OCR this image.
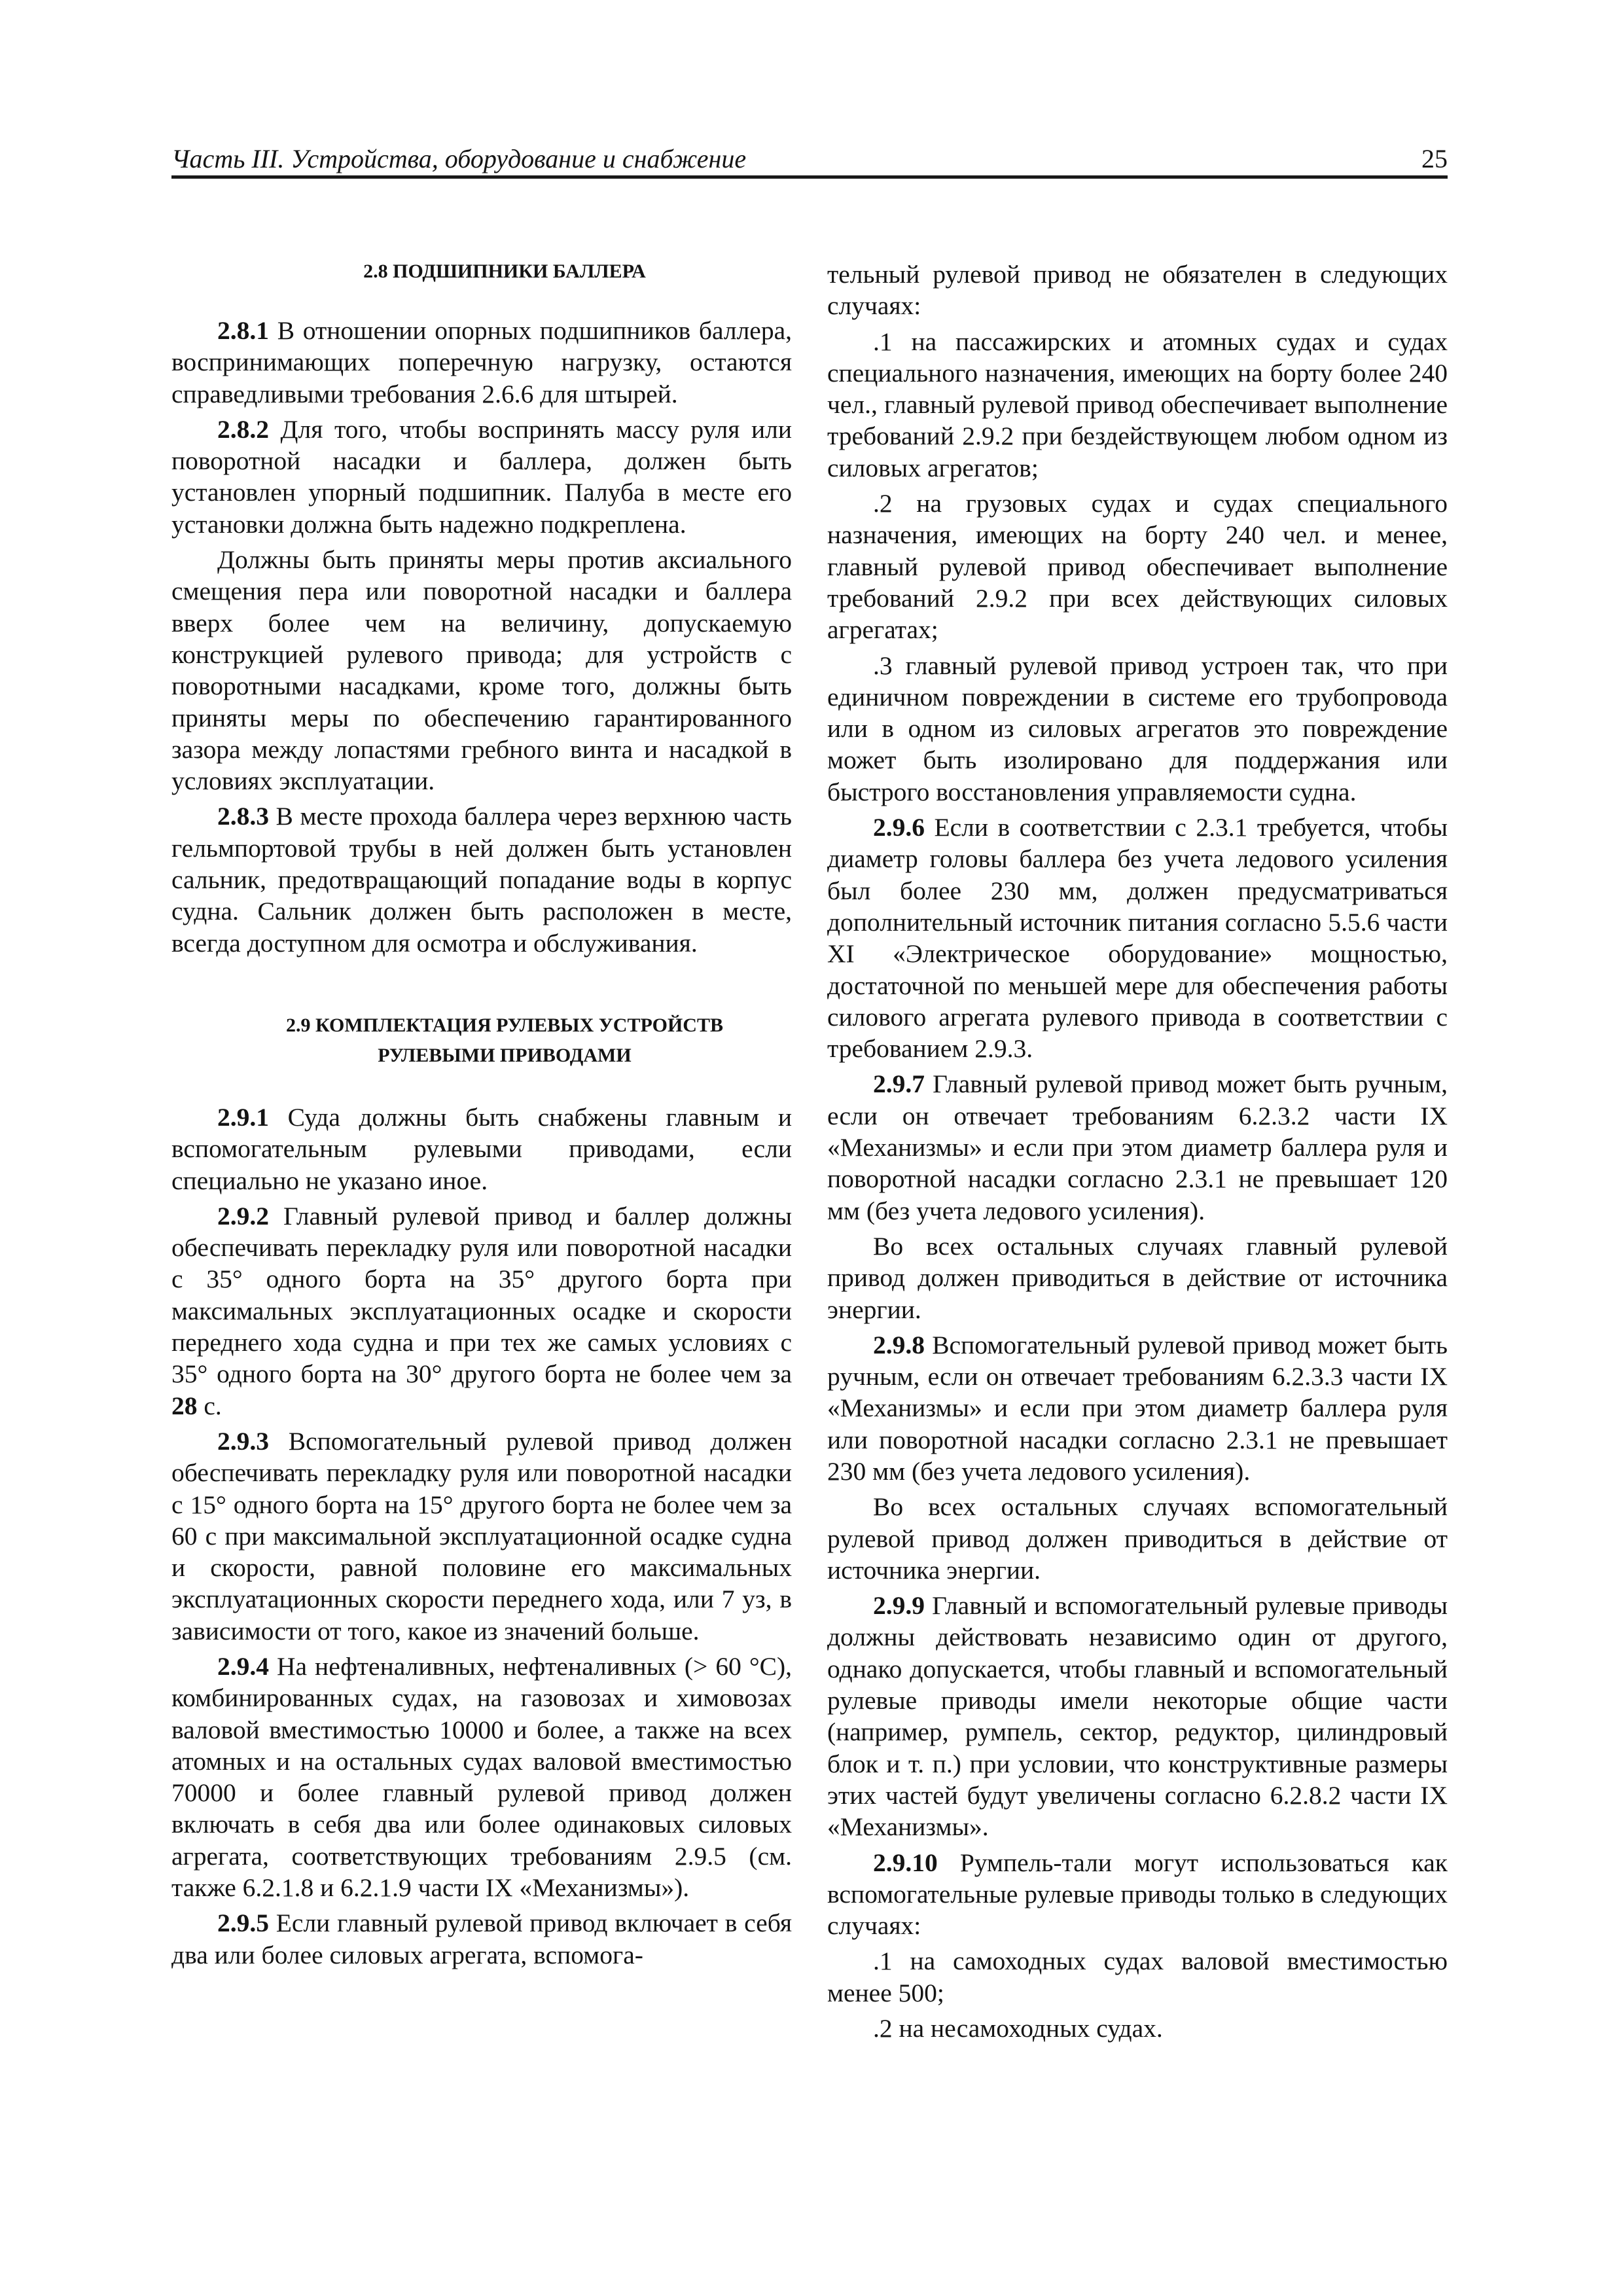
Часть III. Устройства, оборудование и снабжение	25

2.8 ПОДШИПНИКИ БАЛЛЕРА

2.8.1 В отношении опорных подшипников баллера, воспринимающих поперечную нагрузку, остаются справедливыми требования 2.6.6 для штырей.

2.8.2 Для того, чтобы воспринять массу руля или поворотной насадки и баллера, должен быть установлен упорный подшипник. Палуба в месте его установки должна быть надежно подкреплена.

Должны быть приняты меры против аксиального смещения пера или поворотной насадки и баллера вверх более чем на величину, допускаемую конструкцией рулевого привода; для устройств с поворотными насадками, кроме того, должны быть приняты меры по обеспечению гарантированного зазора между лопастями гребного винта и насадкой в условиях эксплуатации.

2.8.3 В месте прохода баллера через верхнюю часть гельмпортовой трубы в ней должен быть установлен сальник, предотвращающий попадание воды в корпус судна. Сальник должен быть расположен в месте, всегда доступном для осмотра и обслуживания.

2.9 КОМПЛЕКТАЦИЯ РУЛЕВЫХ УСТРОЙСТВ

РУЛЕВЫМИ ПРИВОДАМИ

2.9.1 Суда должны быть снабжены главным и вспомогательным рулевыми приводами, если специально не указано иное.

2.9.2 Главный рулевой привод и баллер должны обеспечивать перекладку руля или поворотной насадки с 35° одного борта на 35° другого борта при максимальных эксплуатационных осадке и скорости переднего хода судна и при тех же самых условиях с 35° одного борта на 30° другого борта не более чем за 28 с.

2.9.3 Вспомогательный рулевой привод должен обеспечивать перекладку руля или поворотной насадки с 15° одного борта на 15° другого борта не более чем за 60 с при максимальной эксплуатационной осадке судна и скорости, равной половине его максимальных эксплуатационных скорости переднего хода, или 7 уз, в зависимости от того, какое из значений больше.

2.9.4 На нефтеналивных, нефтеналивных (> 60 °С), комбинированных судах, на газовозах и химовозах валовой вместимостью 10000 и более, а также на всех атомных и на остальных судах валовой вместимостью 70000 и более главный рулевой привод должен включать в себя два или более одинаковых силовых агрегата, соответствующих требованиям 2.9.5 (см. также 6.2.1.8 и 6.2.1.9 части IX «Механизмы»).

2.9.5 Если главный рулевой привод включает в себя два или более силовых агрегата, вспомога-

тельный рулевой привод не обязателен в следующих случаях:

.1 на пассажирских и атомных судах и судах специального назначения, имеющих на борту более 240 чел., главный рулевой привод обеспечивает выполнение требований 2.9.2 при бездействующем любом одном из силовых агрегатов;

.2 на грузовых судах и судах специального назначения, имеющих на борту 240 чел. и менее, главный рулевой привод обеспечивает выполнение требований 2.9.2 при всех действующих силовых агрегатах;

.3 главный рулевой привод устроен так, что при единичном повреждении в системе его трубопровода или в одном из силовых агрегатов это повреждение может быть изолировано для поддержания или быстрого восстановления управляемости судна.

2.9.6 Если в соответствии с 2.3.1 требуется, чтобы диаметр головы баллера без учета ледового усиления был более 230 мм, должен предусматриваться дополнительный источник питания согласно 5.5.6 части XI «Электрическое оборудование» мощностью, достаточной по меньшей мере для обеспечения работы силового агрегата рулевого привода в соответствии с требованием 2.9.3.

2.9.7 Главный рулевой привод может быть ручным, если он отвечает требованиям 6.2.3.2 части IX «Механизмы» и если при этом диаметр баллера руля и поворотной насадки согласно 2.3.1 не превышает 120 мм (без учета ледового усиления).

Во всех остальных случаях главный рулевой привод должен приводиться в действие от источника энергии.

2.9.8 Вспомогательный рулевой привод может быть ручным, если он отвечает требованиям 6.2.3.3 части IX «Механизмы» и если при этом диаметр баллера руля или поворотной насадки согласно 2.3.1 не превышает 230 мм (без учета ледового усиления).

Во всех остальных случаях вспомогательный рулевой привод должен приводиться в действие от источника энергии.

2.9.9 Главный и вспомогательный рулевые приводы должны действовать независимо один от другого, однако допускается, чтобы главный и вспомогательный рулевые приводы имели некоторые общие части (например, румпель, сектор, редуктор, цилиндровый блок и т. п.) при условии, что конструктивные размеры этих частей будут увеличены согласно 6.2.8.2 части IX «Механизмы».

2.9.10 Румпель-тали могут использоваться как вспомогательные рулевые приводы только в следующих случаях:

.1 на самоходных судах валовой вместимостью менее 500;

.2 на несамоходных судах.
